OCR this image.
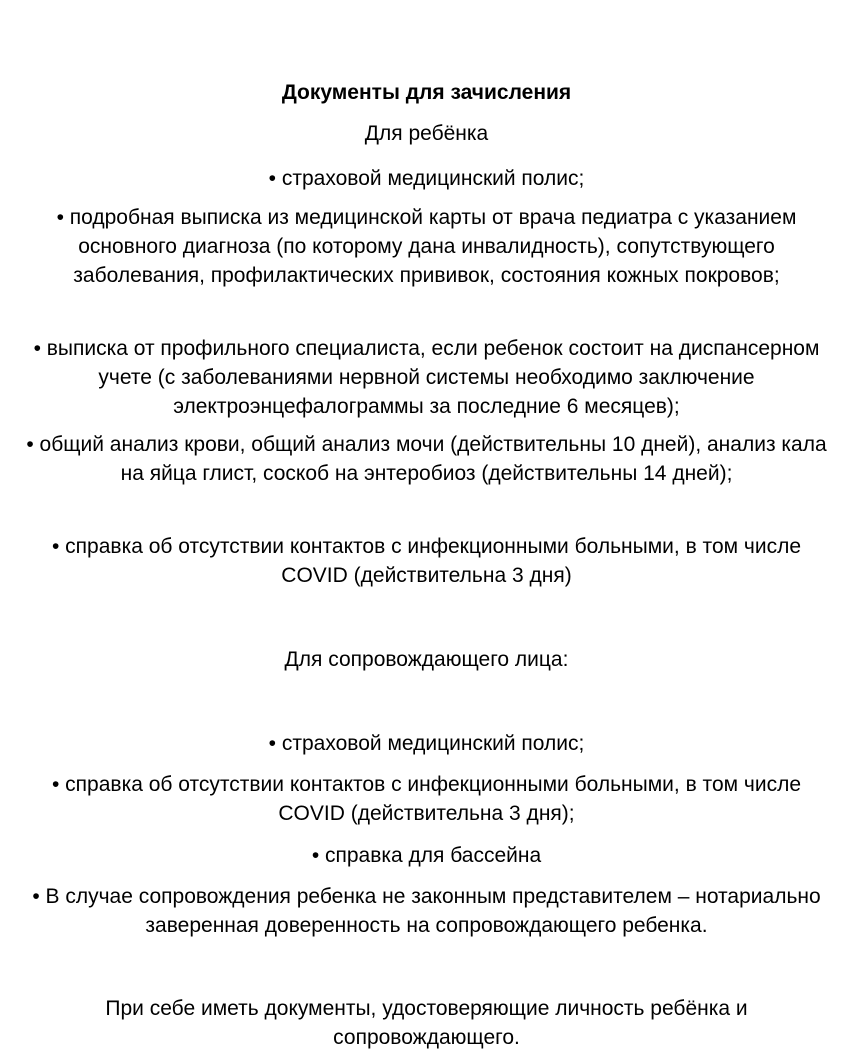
Документы для зачисления

Для ребёнка

• страховой медицинский полис;

• подробная выписка из медицинской карты от врача педиатра с указанием основного диагноза (по которому дана инвалидность), сопутствующего заболевания, профилактических прививок, состояния кожных покровов;

• выписка от профильного специалиста, если ребенок состоит на диспансерном учете (с заболеваниями нервной системы необходимо заключение электроэнцефалограммы за последние 6 месяцев);

• общий анализ крови, общий анализ мочи (действительны 10 дней), анализ кала на яйца глист, соскоб на энтеробиоз (действительны 14 дней);

• справка об отсутствии контактов с инфекционными больными, в том числе COVID (действительна 3 дня)

Для сопровождающего лица:

• страховой медицинский полис;

• справка об отсутствии контактов с инфекционными больными, в том числе COVID (действительна 3 дня);

• справка для бассейна

• В случае сопровождения ребенка не законным представителем – нотариально заверенная доверенность на сопровождающего ребенка.

При себе иметь документы, удостоверяющие личность ребёнка и сопровождающего.
